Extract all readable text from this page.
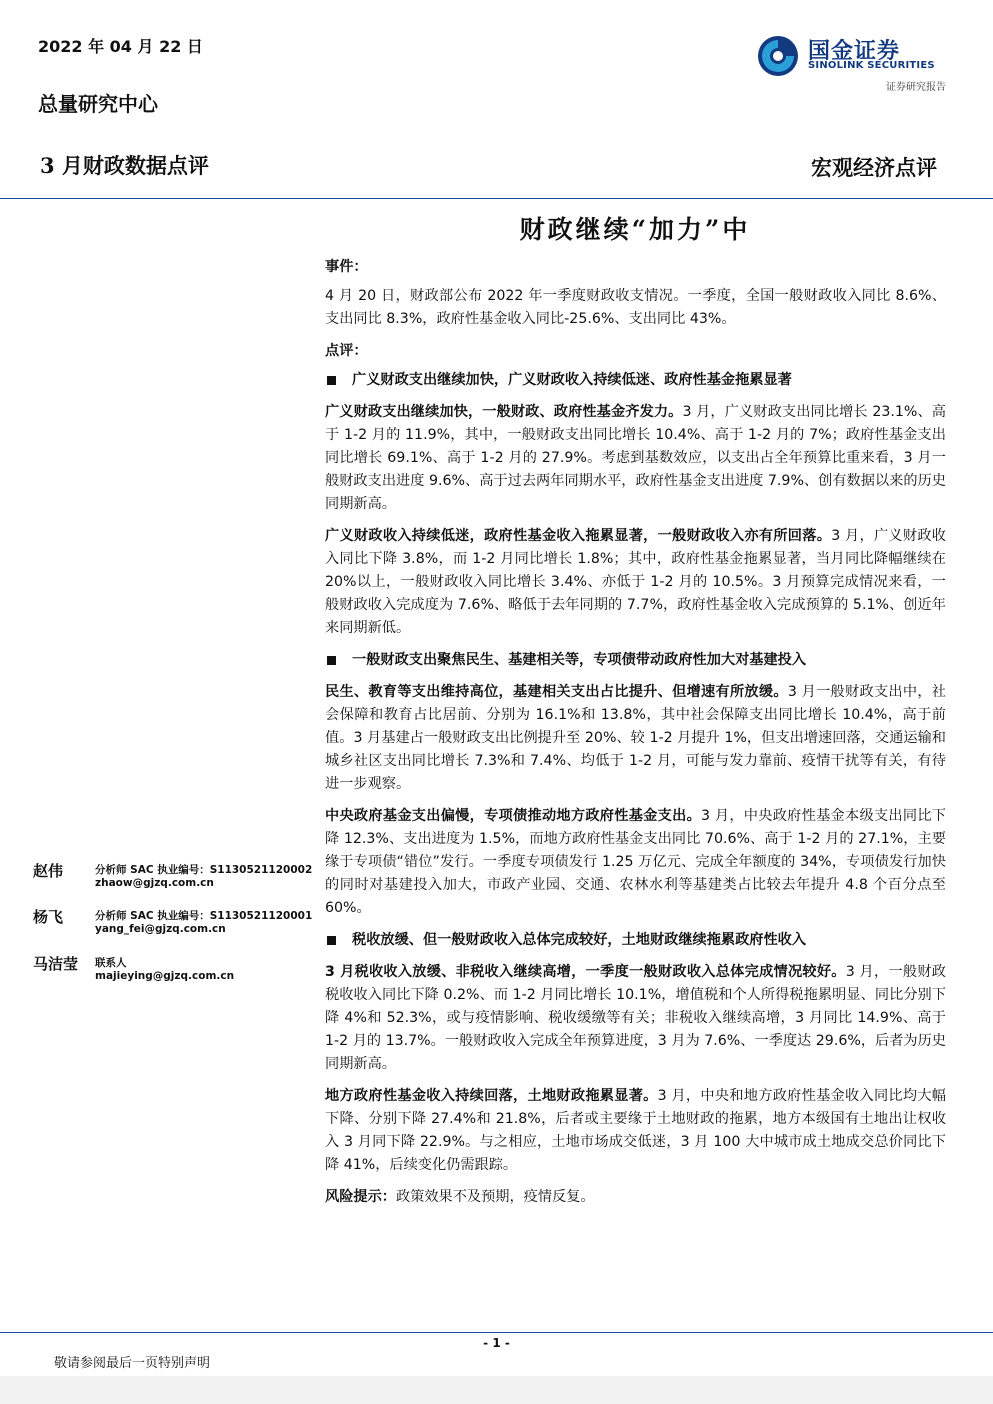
2022 年 04 月 22 日
总量研究中心
3 月财政数据点评	宏观经济点评
国金证券
SINOLINK SECURITIES
证券研究报告
财政继续“加力”中
事件：

4 月 20 日，财政部公布 2022 年一季度财政收支情况。一季度，全国一般财政收入同比 8.6%、支出同比 8.3%，政府性基金收入同比-25.6%、支出同比 43%。

点评：
广义财政支出继续加快，广义财政收入持续低迷、政府性基金拖累显著

广义财政支出继续加快，一般财政、政府性基金齐发力。3 月，广义财政支出同比增长 23.1%、高于 1-2 月的 11.9%，其中，一般财政支出同比增长 10.4%、高于 1-2 月的 7%；政府性基金支出同比增长 69.1%、高于 1-2 月的 27.9%。考虑到基数效应，以支出占全年预算比重来看，3 月一般财政支出进度 9.6%、高于过去两年同期水平，政府性基金支出进度 7.9%、创有数据以来的历史同期新高。

广义财政收入持续低迷，政府性基金收入拖累显著，一般财政收入亦有所回落。3 月，广义财政收入同比下降 3.8%，而 1-2 月同比增长 1.8%；其中，政府性基金拖累显著，当月同比降幅继续在 20%以上，一般财政收入同比增长 3.4%、亦低于 1-2 月的 10.5%。3 月预算完成情况来看，一般财政收入完成度为 7.6%、略低于去年同期的 7.7%，政府性基金收入完成预算的 5.1%、创近年来同期新低。

一般财政支出聚焦民生、基建相关等，专项债带动政府性加大对基建投入

民生、教育等支出维持高位，基建相关支出占比提升、但增速有所放缓。3 月一般财政支出中，社会保障和教育占比居前、分别为 16.1%和 13.8%，其中社会保障支出同比增长 10.4%，高于前值。3 月基建占一般财政支出比例提升至 20%、较 1-2 月提升 1%，但支出增速回落，交通运输和城乡社区支出同比增长 7.3%和 7.4%、均低于 1-2 月，可能与发力靠前、疫情干扰等有关，有待进一步观察。

中央政府基金支出偏慢，专项债推动地方政府性基金支出。3 月，中央政府性基金本级支出同比下降 12.3%、支出进度为 1.5%，而地方政府性基金支出同比 70.6%、高于 1-2 月的 27.1%，主要缘于专项债“错位”发行。一季度专项债发行 1.25 万亿元、完成全年额度的 34%，专项债发行加快的同时对基建投入加大，市政产业园、交通、农林水利等基建类占比较去年提升 4.8 个百分点至 60%。

税收放缓、但一般财政收入总体完成较好，土地财政继续拖累政府性收入

3 月税收收入放缓、非税收入继续高增，一季度一般财政收入总体完成情况较好。3 月，一般财政税收收入同比下降 0.2%、而 1-2 月同比增长 10.1%，增值税和个人所得税拖累明显、同比分别下降 4%和 52.3%，或与疫情影响、税收缓缴等有关；非税收入继续高增，3 月同比 14.9%、高于 1-2 月的 13.7%。一般财政收入完成全年预算进度，3 月为 7.6%、一季度达 29.6%，后者为历史同期新高。

地方政府性基金收入持续回落，土地财政拖累显著。3 月，中央和地方政府性基金收入同比均大幅下降、分别下降 27.4%和 21.8%，后者或主要缘于土地财政的拖累，地方本级国有土地出让权收入 3 月同下降 22.9%。与之相应，土地市场成交低迷，3 月 100 大中城市成土地成交总价同比下降 41%，后续变化仍需跟踪。

风险提示：政策效果不及预期，疫情反复。

赵伟	分析师 SAC 执业编号：S1130521120002
zhaow@gjzq.com.cn
杨飞	分析师 SAC 执业编号：S1130521120001
yang_fei@gjzq.com.cn
马洁莹 联系人
majieying@gjzq.com.cn
- 1 -
敬请参阅最后一页特别声明
